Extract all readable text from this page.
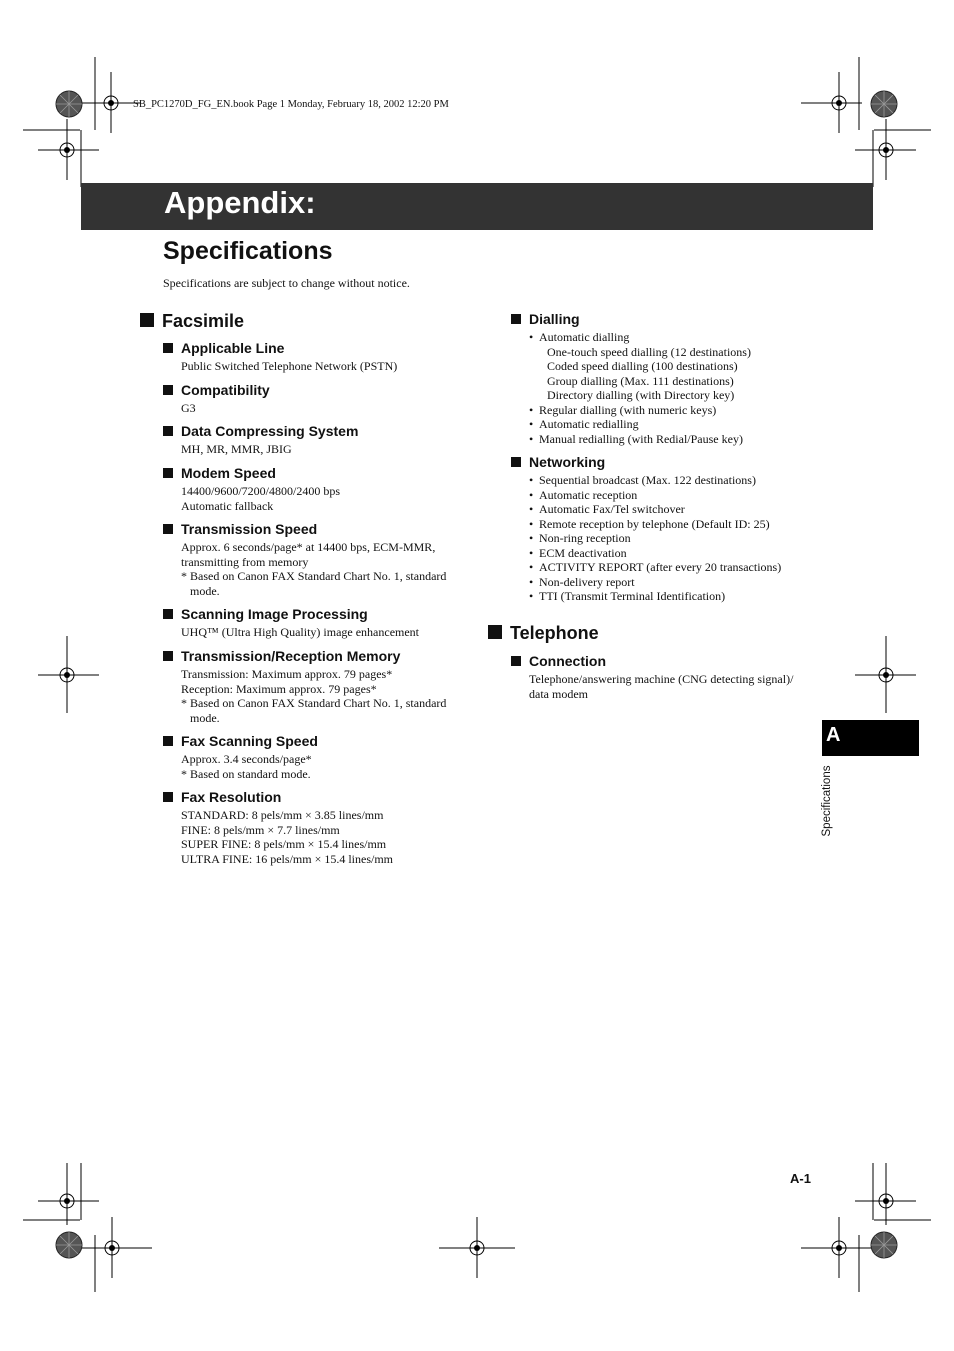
SB_PC1270D_FG_EN.book Page 1 Monday, February 18, 2002 12:20 PM
Appendix:
Specifications
Specifications are subject to change without notice.
Facsimile
Applicable Line
Public Switched Telephone Network (PSTN)
Compatibility
G3
Data Compressing System
MH, MR, MMR, JBIG
Modem Speed
14400/9600/7200/4800/2400 bps
Automatic fallback
Transmission Speed
Approx. 6 seconds/page* at 14400 bps, ECM-MMR,
transmitting from memory
* Based on Canon FAX Standard Chart No. 1, standard mode.
Scanning Image Processing
UHQ™ (Ultra High Quality) image enhancement
Transmission/Reception Memory
Transmission: Maximum approx. 79 pages*
Reception: Maximum approx. 79 pages*
* Based on Canon FAX Standard Chart No. 1, standard mode.
Fax Scanning Speed
Approx. 3.4 seconds/page*
* Based on standard mode.
Fax Resolution
STANDARD: 8 pels/mm × 3.85 lines/mm
FINE: 8 pels/mm × 7.7 lines/mm
SUPER FINE: 8 pels/mm × 15.4 lines/mm
ULTRA FINE: 16 pels/mm × 15.4 lines/mm
Dialling
• Automatic dialling
One-touch speed dialling (12 destinations)
Coded speed dialling (100 destinations)
Group dialling (Max. 111 destinations)
Directory dialling (with Directory key)
• Regular dialling (with numeric keys)
• Automatic redialling
• Manual redialling (with Redial/Pause key)
Networking
• Sequential broadcast (Max. 122 destinations)
• Automatic reception
• Automatic Fax/Tel switchover
• Remote reception by telephone (Default ID: 25)
• Non-ring reception
• ECM deactivation
• ACTIVITY REPORT (after every 20 transactions)
• Non-delivery report
• TTI (Transmit Terminal Identification)
Telephone
Connection
Telephone/answering machine (CNG detecting signal)/
data modem
A
Specifications
A-1
